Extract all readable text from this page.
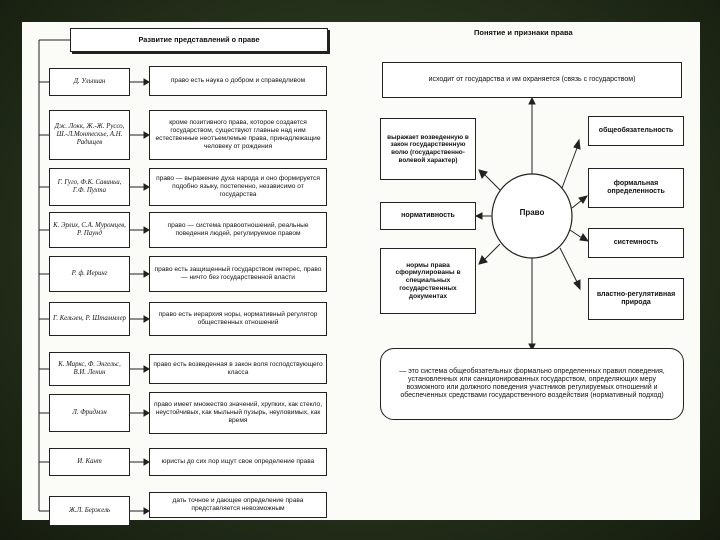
Развитие представлений о праве
Д. Ульпиан	право есть наука о добром и справедливом
Дж. Локк, Ж.-Ж. Руссо, Ш.-Л.Монтескье, А.Н. Радищев
кроме позитивного права, которое создается государством, существуют главные над ним естественные неотъемлемые права, принадлежащие человеку от рождения
Г. Гуго, Ф.К. Савиньи, Г.Ф. Пухта
право — выражение духа народа и оно формируется подобно языку, постепенно, независимо от государства
К. Эрлих, С.А. Муромцев, Р. Паунд
право — система правоотношений, реальные поведения людей, регулируемое правом
Р. ф. Иеринг
право есть защищенный государством интерес, право — ничто без государственной власти
Г. Кельзен, Р. Штаммлер
право есть иерархия норы, нормативный регулятор общественных отношений
К. Маркс, Ф. Энгельс, В.И. Ленин
право есть возведенная в закон воля господствующего класса
Л. Фридмэн
право имеет множество значений, хрупких, как стекло, неустойчивых, как мыльный пузырь, неуловимых, как время
И. Кант	юристы до сих пор ищут свое определение права
Ж.Л. Бержель
дать точное и дающее определение права представляется невозможным
Понятие и признаки права
исходит от государства и им охраняется (связь с государством)
выражает возведенную в закон государственную волю (государственно-волевой характер)
нормативность
нормы права сформулированы в специальных государственных документах
Право
общеобязательность
формальная определенность
системность
властно-регулятивная природа
— это система общеобязательных формально определенных правил поведения, установленных или санкционированных государством, определяющих меру возможного или должного поведения участников регулируемых отношений и обеспеченных средствами государственного воздействия (нормативный подход)
